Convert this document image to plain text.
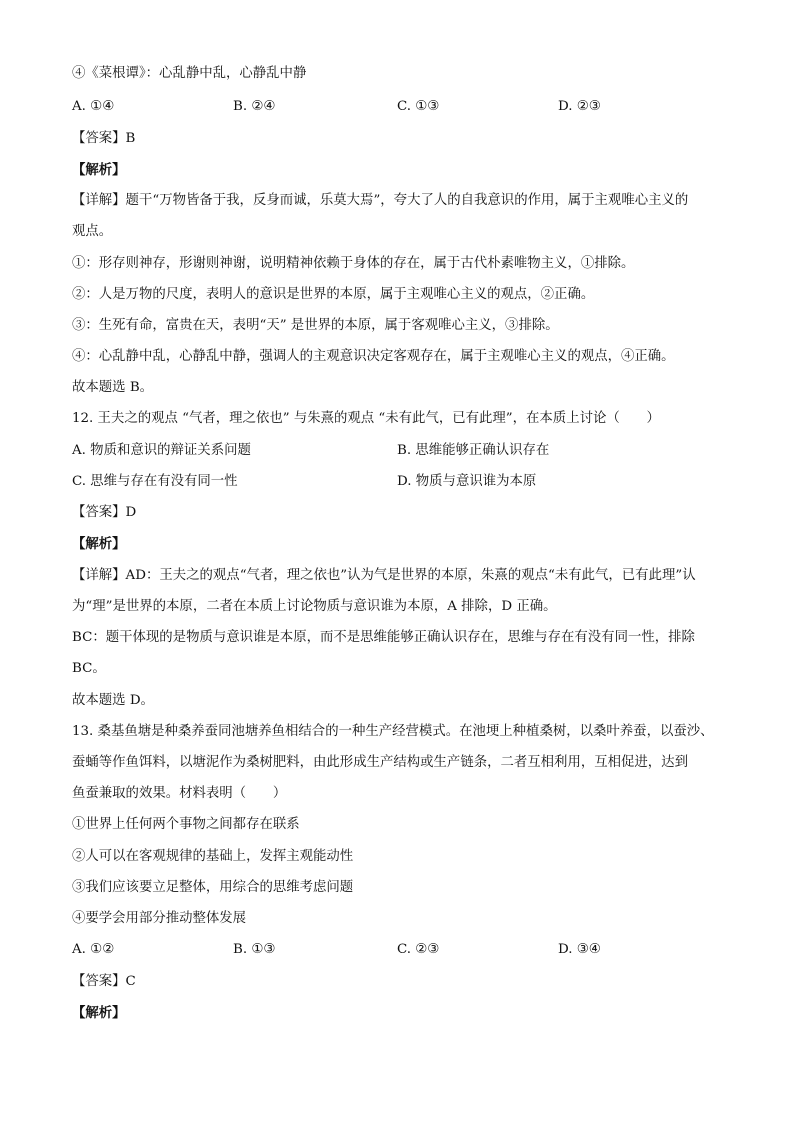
④《菜根谭》：心乱静中乱，心静乱中静
A. ①④	B. ②④	C. ①③	D. ②③
【答案】B
【解析】
【详解】题干“万物皆备于我，反身而诚，乐莫大焉”，夸大了人的自我意识的作用，属于主观唯心主义的
观点。
①：形存则神存，形谢则神谢，说明精神依赖于身体的存在，属于古代朴素唯物主义，①排除。
②：人是万物的尺度，表明人的意识是世界的本原，属于主观唯心主义的观点，②正确。
③：生死有命，富贵在天，表明“天” 是世界的本原，属于客观唯心主义，③排除。
④：心乱静中乱，心静乱中静，强调人的主观意识决定客观存在，属于主观唯心主义的观点，④正确。
故本题选 B。
12. 王夫之的观点 “气者，理之依也” 与朱熹的观点 “未有此气，已有此理”，在本质上讨论（　　）
A. 物质和意识的辩证关系问题	B. 思维能够正确认识存在
C. 思维与存在有没有同一性	D. 物质与意识谁为本原
【答案】D
【解析】
【详解】AD：王夫之的观点“气者，理之依也”认为气是世界的本原，朱熹的观点“未有此气，已有此理”认
为“理”是世界的本原，二者在本质上讨论物质与意识谁为本原，A 排除，D 正确。
BC：题干体现的是物质与意识谁是本原，而不是思维能够正确认识存在，思维与存在有没有同一性，排除
BC。
故本题选 D。
13. 桑基鱼塘是种桑养蚕同池塘养鱼相结合的一种生产经营模式。在池埂上种植桑树，以桑叶养蚕，以蚕沙、
蚕蛹等作鱼饵料，以塘泥作为桑树肥料，由此形成生产结构或生产链条，二者互相利用，互相促进，达到
鱼蚕兼取的效果。材料表明（　　）
①世界上任何两个事物之间都存在联系
②人可以在客观规律的基础上，发挥主观能动性
③我们应该要立足整体，用综合的思维考虑问题
④要学会用部分推动整体发展
A. ①②	B. ①③	C. ②③	D. ③④
【答案】C
【解析】
